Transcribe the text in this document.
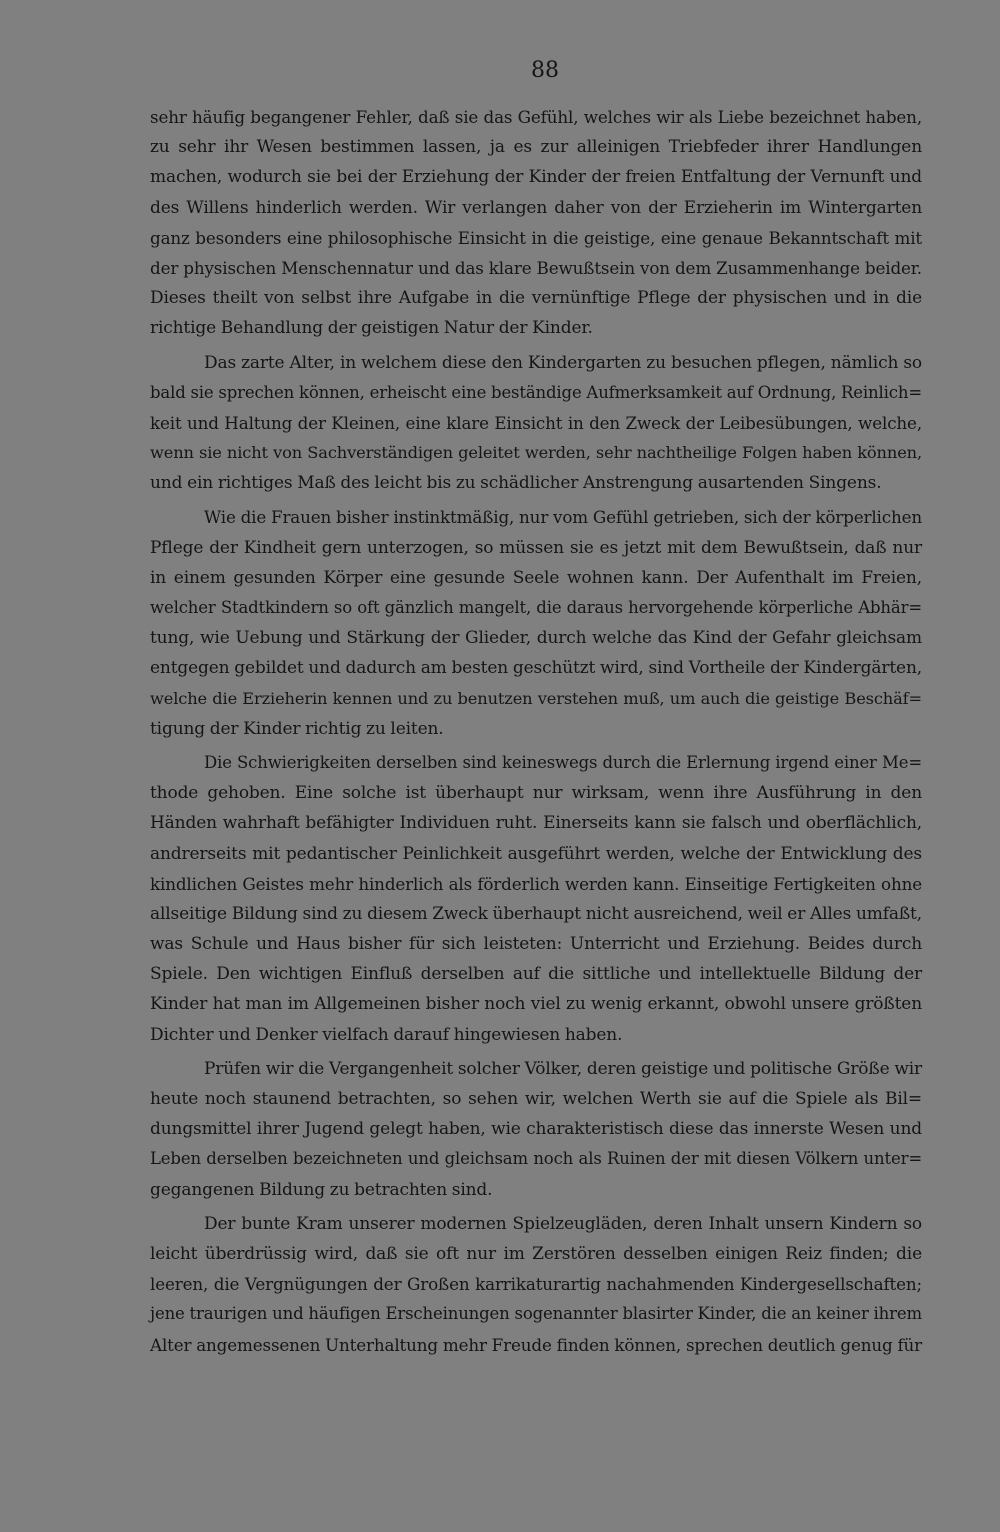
88
sehr häufig begangener Fehler, daß sie das Gefühl, welches wir als Liebe bezeichnet haben,
zu sehr ihr Wesen bestimmen lassen, ja es zur alleinigen Triebfeder ihrer Handlungen
machen, wodurch sie bei der Erziehung der Kinder der freien Entfaltung der Vernunft und
des Willens hinderlich werden. Wir verlangen daher von der Erzieherin im Wintergarten
ganz besonders eine philosophische Einsicht in die geistige, eine genaue Bekanntschaft mit
der physischen Menschennatur und das klare Bewußtsein von dem Zusammenhange beider.
Dieses theilt von selbst ihre Aufgabe in die vernünftige Pflege der physischen und in die
richtige Behandlung der geistigen Natur der Kinder.
Das zarte Alter, in welchem diese den Kindergarten zu besuchen pflegen, nämlich so
bald sie sprechen können, erheischt eine beständige Aufmerksamkeit auf Ordnung, Reinlich=
keit und Haltung der Kleinen, eine klare Einsicht in den Zweck der Leibesübungen, welche,
wenn sie nicht von Sachverständigen geleitet werden, sehr nachtheilige Folgen haben können,
und ein richtiges Maß des leicht bis zu schädlicher Anstrengung ausartenden Singens.
Wie die Frauen bisher instinktmäßig, nur vom Gefühl getrieben, sich der körperlichen
Pflege der Kindheit gern unterzogen, so müssen sie es jetzt mit dem Bewußtsein, daß nur
in einem gesunden Körper eine gesunde Seele wohnen kann. Der Aufenthalt im Freien,
welcher Stadtkindern so oft gänzlich mangelt, die daraus hervorgehende körperliche Abhär=
tung, wie Uebung und Stärkung der Glieder, durch welche das Kind der Gefahr gleichsam
entgegen gebildet und dadurch am besten geschützt wird, sind Vortheile der Kindergärten,
welche die Erzieherin kennen und zu benutzen verstehen muß, um auch die geistige Beschäf=
tigung der Kinder richtig zu leiten.
Die Schwierigkeiten derselben sind keineswegs durch die Erlernung irgend einer Me=
thode gehoben. Eine solche ist überhaupt nur wirksam, wenn ihre Ausführung in den
Händen wahrhaft befähigter Individuen ruht. Einerseits kann sie falsch und oberflächlich,
andrerseits mit pedantischer Peinlichkeit ausgeführt werden, welche der Entwicklung des
kindlichen Geistes mehr hinderlich als förderlich werden kann. Einseitige Fertigkeiten ohne
allseitige Bildung sind zu diesem Zweck überhaupt nicht ausreichend, weil er Alles umfaßt,
was Schule und Haus bisher für sich leisteten: Unterricht und Erziehung. Beides durch
Spiele. Den wichtigen Einfluß derselben auf die sittliche und intellektuelle Bildung der
Kinder hat man im Allgemeinen bisher noch viel zu wenig erkannt, obwohl unsere größten
Dichter und Denker vielfach darauf hingewiesen haben.
Prüfen wir die Vergangenheit solcher Völker, deren geistige und politische Größe wir
heute noch staunend betrachten, so sehen wir, welchen Werth sie auf die Spiele als Bil=
dungsmittel ihrer Jugend gelegt haben, wie charakteristisch diese das innerste Wesen und
Leben derselben bezeichneten und gleichsam noch als Ruinen der mit diesen Völkern unter=
gegangenen Bildung zu betrachten sind.
Der bunte Kram unserer modernen Spielzeugläden, deren Inhalt unsern Kindern so
leicht überdrüssig wird, daß sie oft nur im Zerstören desselben einigen Reiz finden; die
leeren, die Vergnügungen der Großen karrikaturartig nachahmenden Kindergesellschaften;
jene traurigen und häufigen Erscheinungen sogenannter blasirter Kinder, die an keiner ihrem
Alter angemessenen Unterhaltung mehr Freude finden können, sprechen deutlich genug für
